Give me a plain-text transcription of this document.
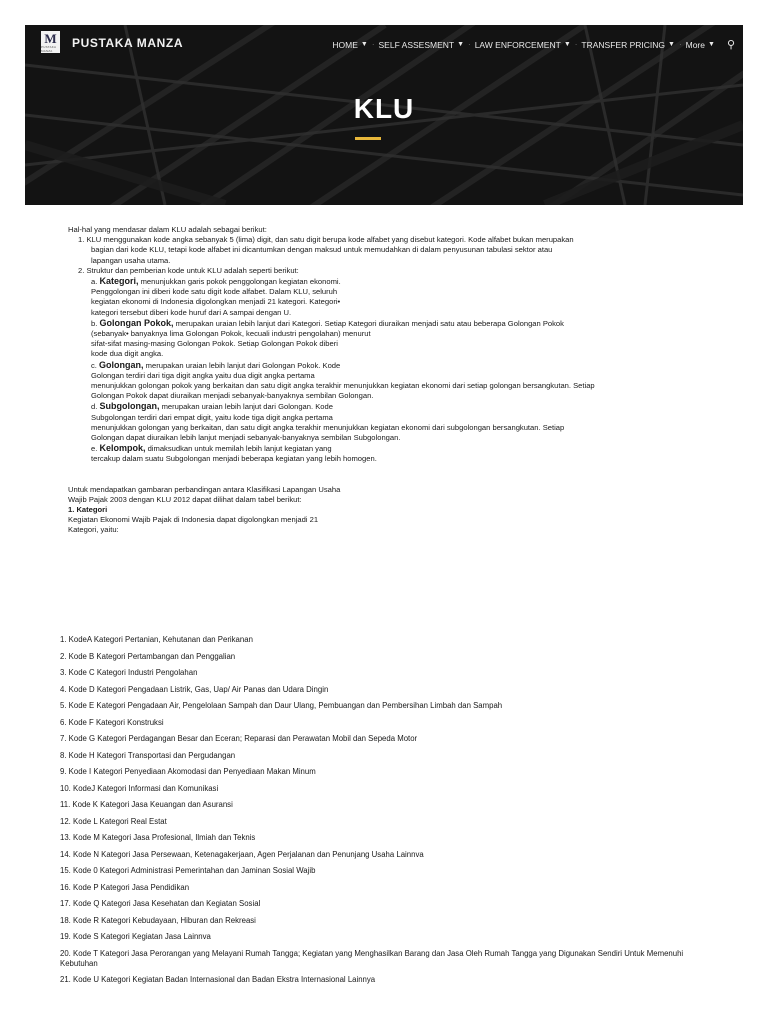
M
PUSTAKA MANZA
PUSTAKA MANZA	HOME ▼ · SELF ASSESMENT ▼ · LAW ENFORCEMENT ▼ · TRANSFER PRICING ▼ · More ▼ ⚲
KLU

Hal-hal yang mendasar dalam KLU adalah sebagai berikut:

1. KLU menggunakan kode angka sebanyak 5 (lima) digit, dan satu digit berupa kode alfabet yang disebut kategori. Kode alfabet bukan merupakan

bagian dari kode KLU, tetapi kode alfabet ini dicantumkan dengan maksud untuk memudahkan di dalam penyusunan tabulasi sektor atau

lapangan usaha utama.

2. Struktur dan pemberian kode untuk KLU adalah seperti berikut:

a. Kategori, menunjukkan garis pokok penggolongan kegiatan ekonomi.

Penggolongan ini diberi kode satu digit kode alfabet. Dalam KLU, seluruh

kegiatan ekonomi di Indonesia digolongkan menjadi 21 kategori. Kategori•

kategori tersebut diberi kode huruf dari A sampai dengan U.

b. Golongan Pokok, merupakan uraian lebih lanjut dari Kategori. Setiap Kategori diuraikan menjadi satu atau beberapa Golongan Pokok

(sebanyak• banyaknya lima Golongan Pokok, kecuali industri pengolahan) menurut

sifat-sifat masing-masing Golongan Pokok. Setiap Golongan Pokok diberi

kode dua digit angka.

c. Golongan, merupakan uraian lebih lanjut dari Golongan Pokok. Kode

Golongan terdiri dari tiga digit angka yaitu dua digit angka pertama

menunjukkan golongan pokok yang berkaitan dan satu digit angka terakhir menunjukkan kegiatan ekonomi dari setiap golongan bersangkutan. Setiap

Golongan Pokok dapat diuraikan menjadi sebanyak-banyaknya sembilan Golongan.

d. Subgolongan, merupakan uraian lebih lanjut dari Golongan. Kode

Subgolongan terdiri dari empat digit, yaitu kode tiga digit angka pertama

menunjukkan golongan yang berkaitan, dan satu digit angka terakhir menunjukkan kegiatan ekonomi dari subgolongan bersangkutan. Setiap

Golongan dapat diuraikan lebih lanjut menjadi sebanyak-banyaknya sembilan Subgolongan.

e. Kelompok, dimaksudkan untuk memilah lebih lanjut kegiatan yang

tercakup dalam suatu Subgolongan menjadi beberapa kegiatan yang lebih homogen.

Untuk mendapatkan gambaran perbandingan antara Klasifikasi Lapangan Usaha

Wajib Pajak 2003 dengan KLU 2012 dapat dilihat dalam tabel berikut:

1. Kategori

Kegiatan Ekonomi Wajib Pajak di Indonesia dapat digolongkan menjadi 21

Kategori, yaitu:

1. KodeA Kategori Pertanian, Kehutanan dan Perikanan
2. Kode B Kategori Pertambangan dan Penggalian
3. Kode C Kategori Industri Pengolahan
4. Kode D Kategori Pengadaan Listrik, Gas, Uap/ Air Panas dan Udara Dingin
5. Kode E Kategori Pengadaan Air, Pengelolaan Sampah dan Daur Ulang, Pembuangan dan Pembersihan Limbah dan Sampah
6. Kode F Kategori Konstruksi
7. Kode G Kategori Perdagangan Besar dan Eceran; Reparasi dan Perawatan Mobil dan Sepeda Motor
8. Kode H Kategori Transportasi dan Pergudangan
9. Kode I Kategori Penyediaan Akomodasi dan Penyediaan Makan Minum
10. KodeJ Kategori Informasi dan Komunikasi
11. Kode K Kategori Jasa Keuangan dan Asuransi
12. Kode L Kategori Real Estat
13. Kode M Kategori Jasa Profesional, Ilmiah dan Teknis
14. Kode N Kategori Jasa Persewaan, Ketenagakerjaan, Agen Perjalanan dan Penunjang Usaha Lainnva
15. Kode 0 Kategori Administrasi Pemerintahan dan Jaminan Sosial Wajib
16. Kode P Kategori Jasa Pendidikan
17. Kode Q Kategori Jasa Kesehatan dan Kegiatan Sosial
18. Kode R Kategori Kebudayaan, Hiburan dan Rekreasi
19. Kode S Kategori Kegiatan Jasa Lainnva
20. Kode T Kategori Jasa Perorangan yang Melayani Rumah Tangga; Kegiatan yang Menghasilkan Barang dan Jasa Oleh Rumah Tangga yang Digunakan Sendiri Untuk Memenuhi Kebutuhan
21. Kode U Kategori Kegiatan Badan Internasional dan Badan Ekstra Internasional Lainnya
